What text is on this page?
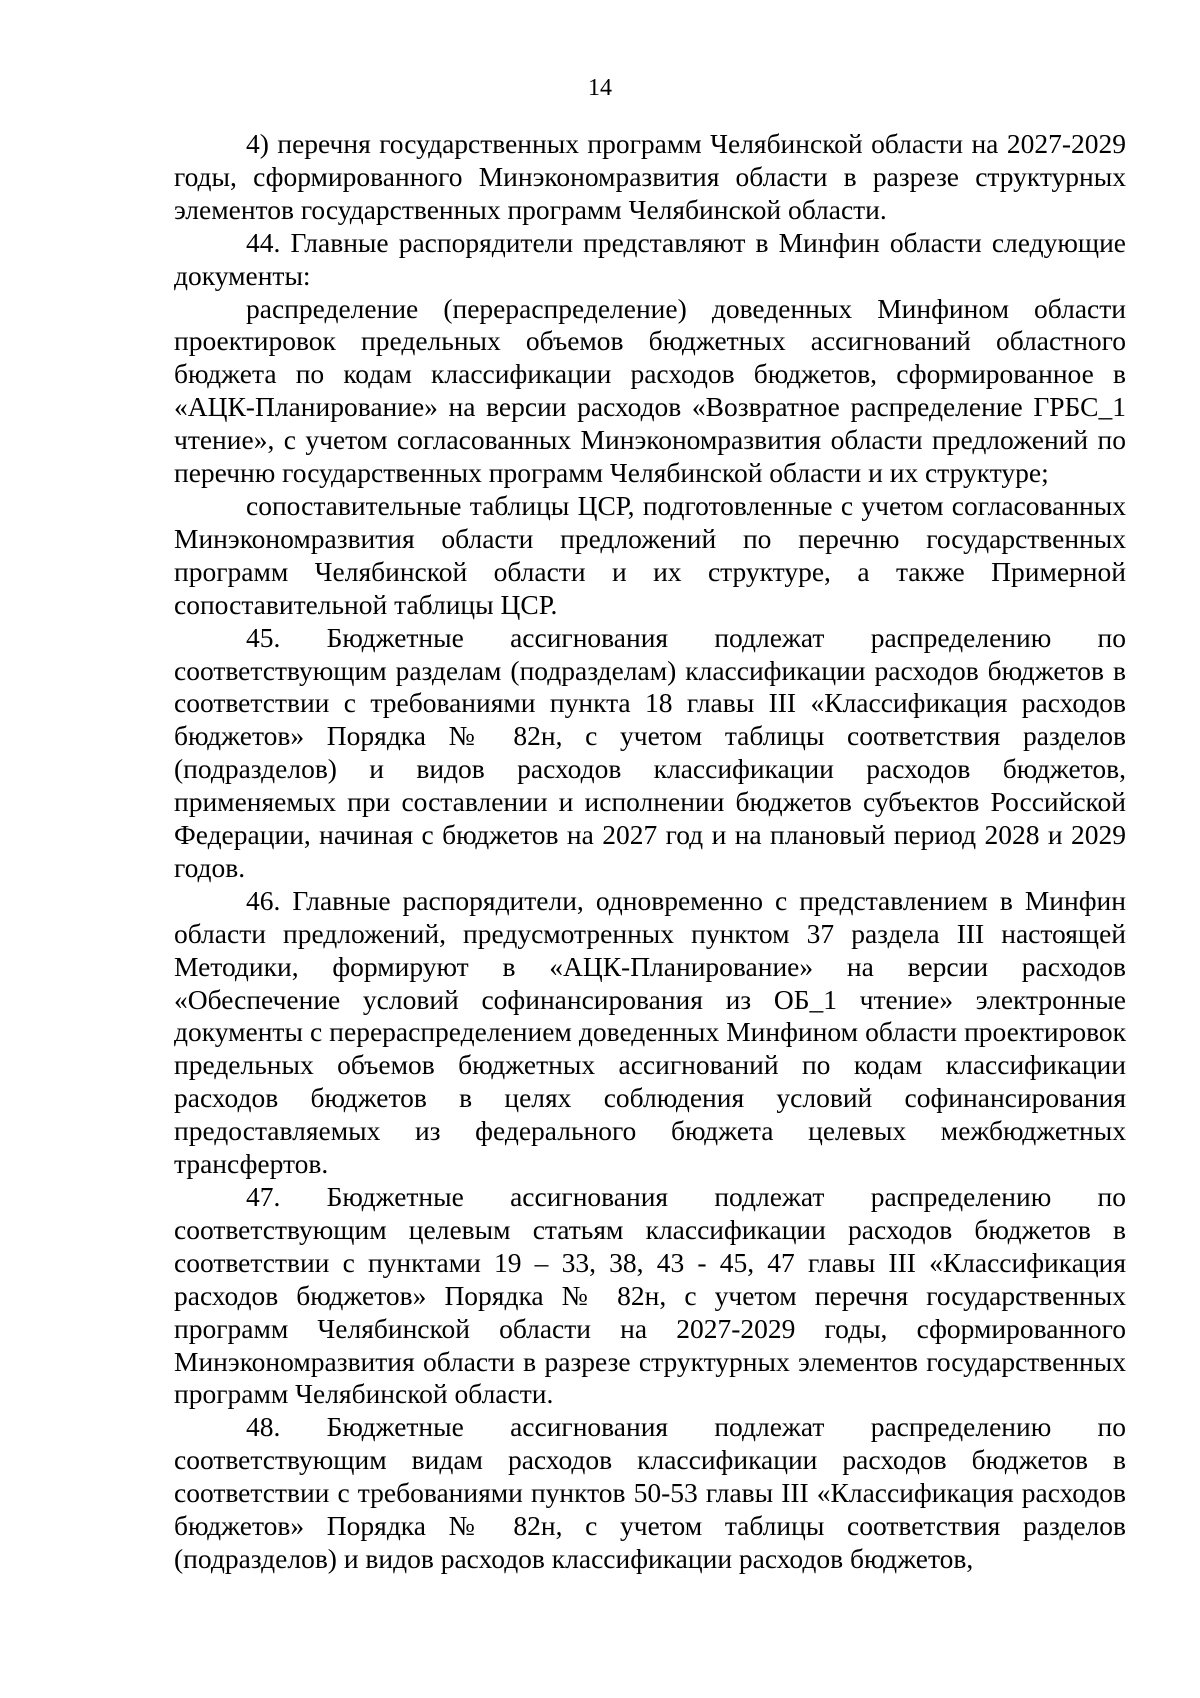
14

4) перечня государственных программ Челябинской области на 2027-2029 годы, сформированного Минэкономразвития области в разрезе структурных элементов государственных программ Челябинской области.

44. Главные распорядители представляют в Минфин области следующие документы:

распределение (перераспределение) доведенных Минфином области проектировок предельных объемов бюджетных ассигнований областного бюджета по кодам классификации расходов бюджетов, сформированное в «АЦК-Планирование» на версии расходов «Возвратное распределение ГРБС_1 чтение», с учетом согласованных Минэкономразвития области предложений по перечню государственных программ Челябинской области и их структуре;

сопоставительные таблицы ЦСР, подготовленные с учетом согласованных Минэкономразвития области предложений по перечню государственных программ Челябинской области и их структуре, а также Примерной сопоставительной таблицы ЦСР.

45. Бюджетные ассигнования подлежат распределению по соответствующим разделам (подразделам) классификации расходов бюджетов в соответствии с требованиями пункта 18 главы III «Классификация расходов бюджетов» Порядка № 82н, с учетом таблицы соответствия разделов (подразделов) и видов расходов классификации расходов бюджетов, применяемых при составлении и исполнении бюджетов субъектов Российской Федерации, начиная с бюджетов на 2027 год и на плановый период 2028 и 2029 годов.

46. Главные распорядители, одновременно с представлением в Минфин области предложений, предусмотренных пунктом 37 раздела III настоящей Методики, формируют в «АЦК-Планирование» на версии расходов «Обеспечение условий софинансирования из ОБ_1 чтение» электронные документы с перераспределением доведенных Минфином области проектировок предельных объемов бюджетных ассигнований по кодам классификации расходов бюджетов в целях соблюдения условий софинансирования предоставляемых из федерального бюджета целевых межбюджетных трансфертов.

47. Бюджетные ассигнования подлежат распределению по соответствующим целевым статьям классификации расходов бюджетов в соответствии с пунктами 19 – 33, 38, 43 - 45, 47 главы III «Классификация расходов бюджетов» Порядка № 82н, с учетом перечня государственных программ Челябинской области на 2027-2029 годы, сформированного Минэкономразвития области в разрезе структурных элементов государственных программ Челябинской области.

48. Бюджетные ассигнования подлежат распределению по соответствующим видам расходов классификации расходов бюджетов в соответствии с требованиями пунктов 50-53 главы III «Классификация расходов бюджетов» Порядка № 82н, с учетом таблицы соответствия разделов (подразделов) и видов расходов классификации расходов бюджетов,
